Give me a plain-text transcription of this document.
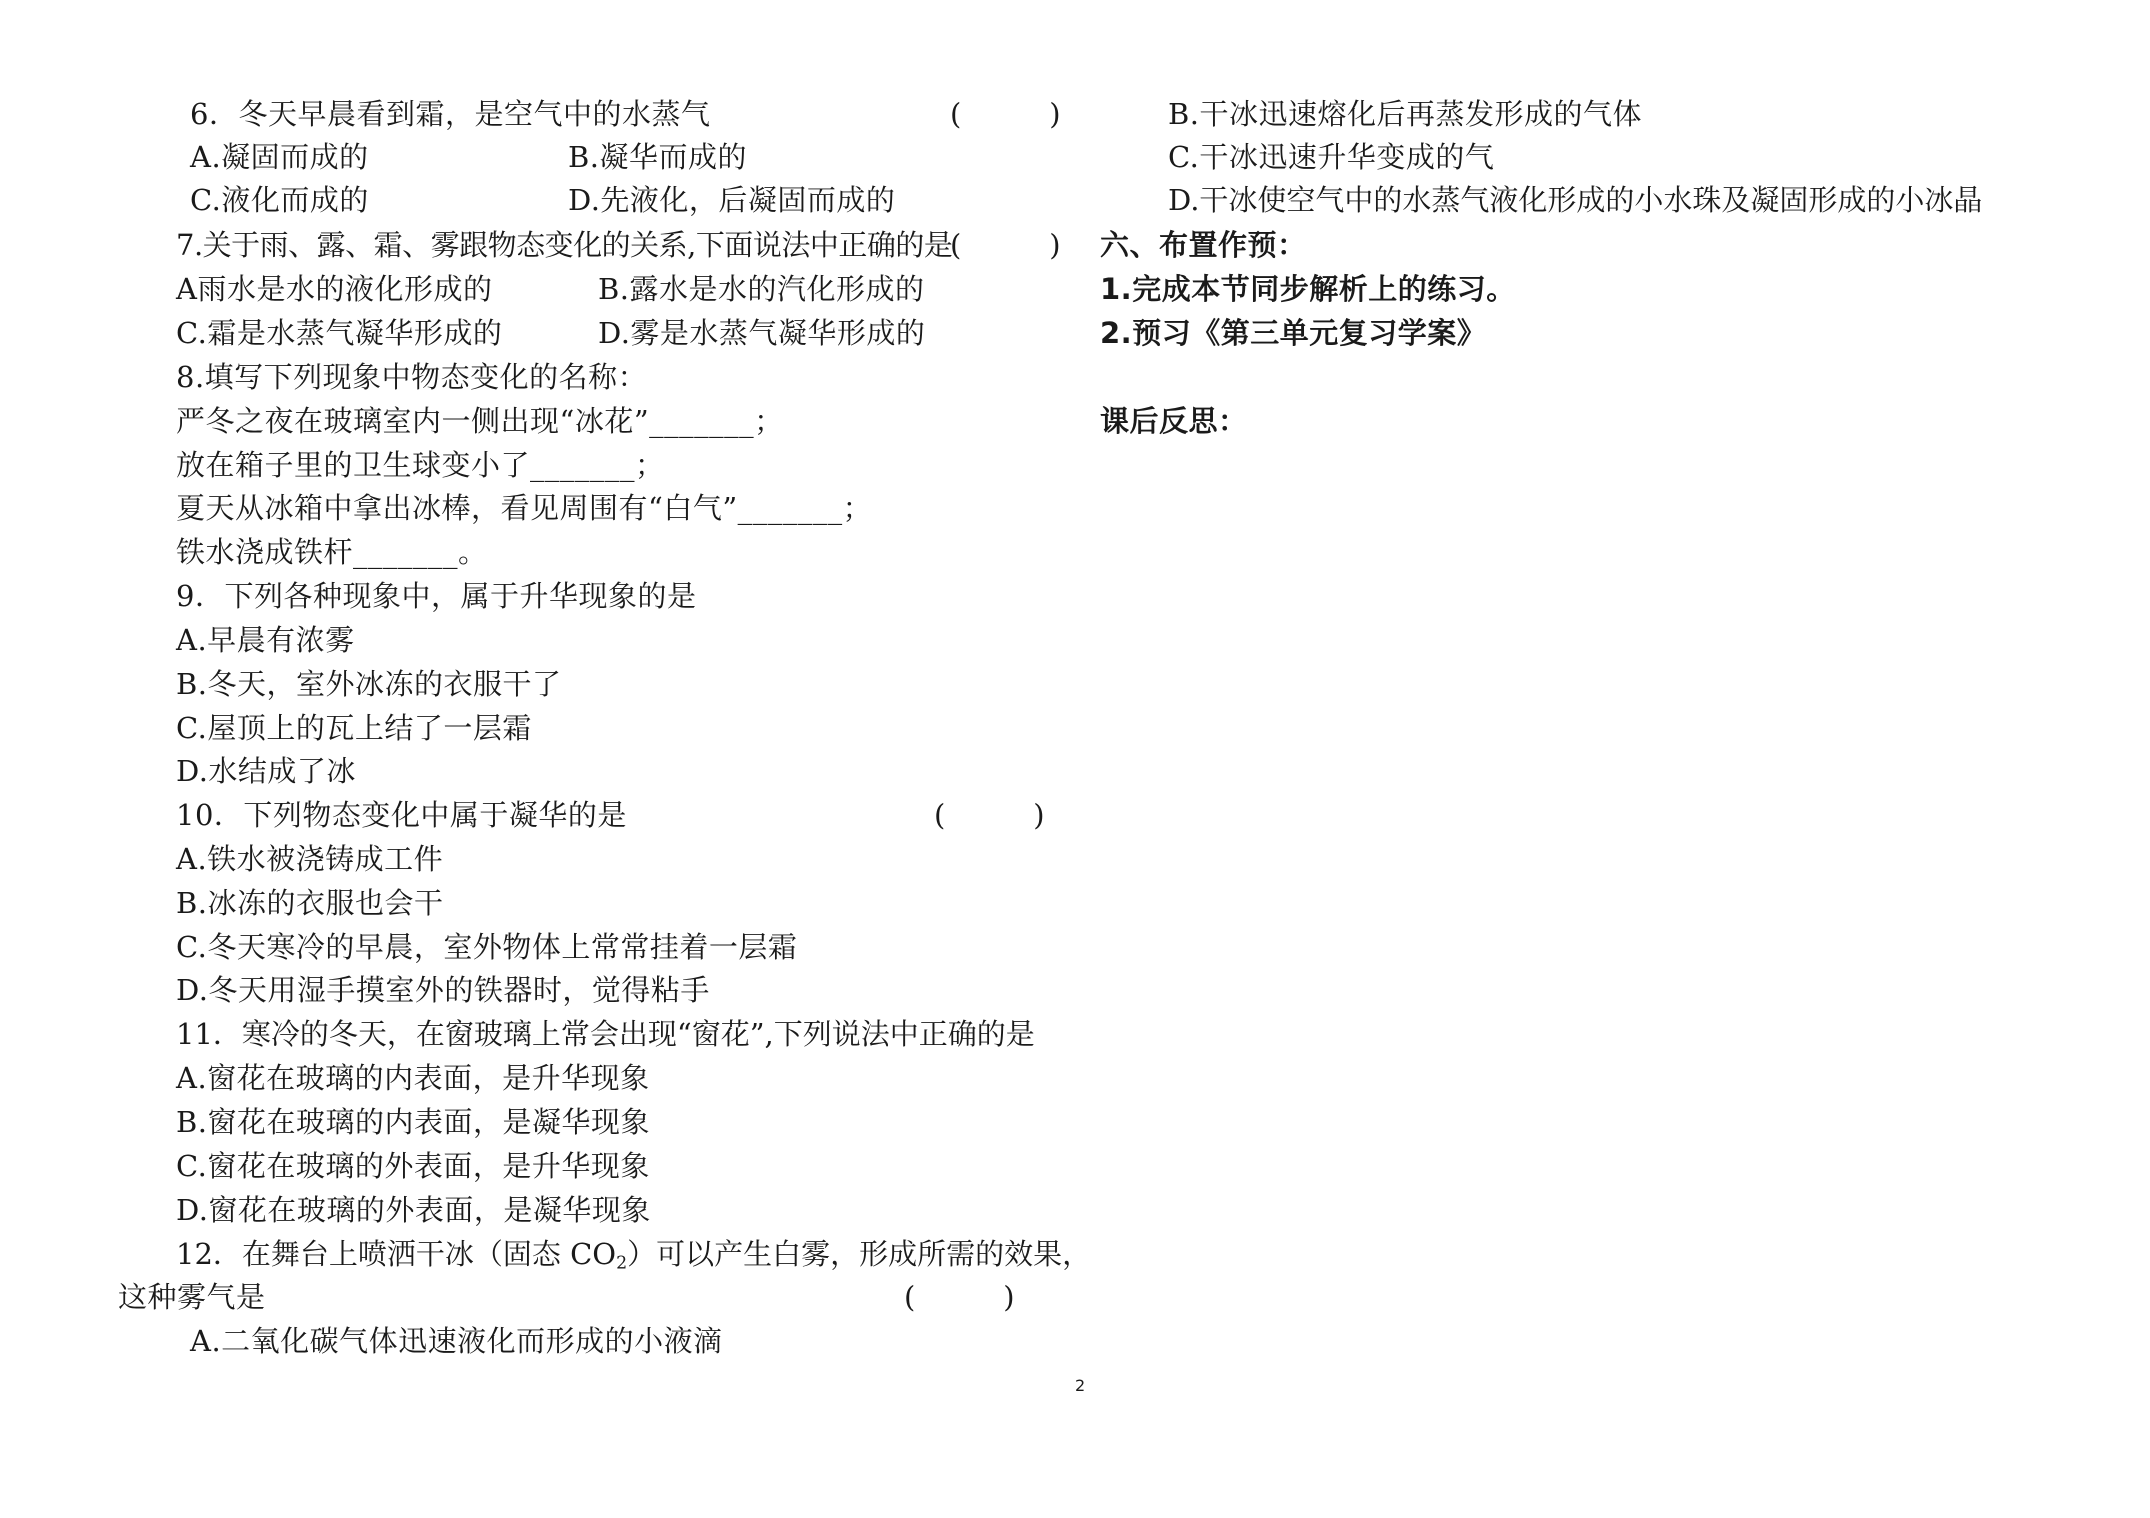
6．冬天早晨看到霜，是空气中的水蒸气	(         )
A.凝固而成的	B.凝华而成的
C.液化而成的	D.先液化，后凝固而成的
7.关于雨、露、霜、雾跟物态变化的关系,下面说法中正确的是
(         )
A雨水是水的液化形成的	B.露水是水的汽化形成的
C.霜是水蒸气凝华形成的	D.雾是水蒸气凝华形成的
8.填写下列现象中物态变化的名称：
严冬之夜在玻璃室内一侧出现“冰花”_______；
放在箱子里的卫生球变小了_______；
夏天从冰箱中拿出冰棒，看见周围有“白气”_______；
铁水浇成铁杆_______。
9．下列各种现象中，属于升华现象的是
A.早晨有浓雾
B.冬天，室外冰冻的衣服干了
C.屋顶上的瓦上结了一层霜
D.水结成了冰
10．下列物态变化中属于凝华的是	(         )
A.铁水被浇铸成工件
B.冰冻的衣服也会干
C.冬天寒冷的早晨，室外物体上常常挂着一层霜
D.冬天用湿手摸室外的铁器时，觉得粘手
11．寒冷的冬天，在窗玻璃上常会出现“窗花”,下列说法中正确的是
A.窗花在玻璃的内表面，是升华现象
B.窗花在玻璃的内表面，是凝华现象
C.窗花在玻璃的外表面，是升华现象
D.窗花在玻璃的外表面，是凝华现象
12．在舞台上喷洒干冰（固态 $CO_2$）可以产生白雾，形成所需的效果，
这种雾气是	(         )
A.二氧化碳气体迅速液化而形成的小液滴
B.干冰迅速熔化后再蒸发形成的气体
C.干冰迅速升华变成的气
D.干冰使空气中的水蒸气液化形成的小水珠及凝固形成的小冰晶
六、布置作预：
1.完成本节同步解析上的练习。
2.预习《第三单元复习学案》
课后反思：
2
